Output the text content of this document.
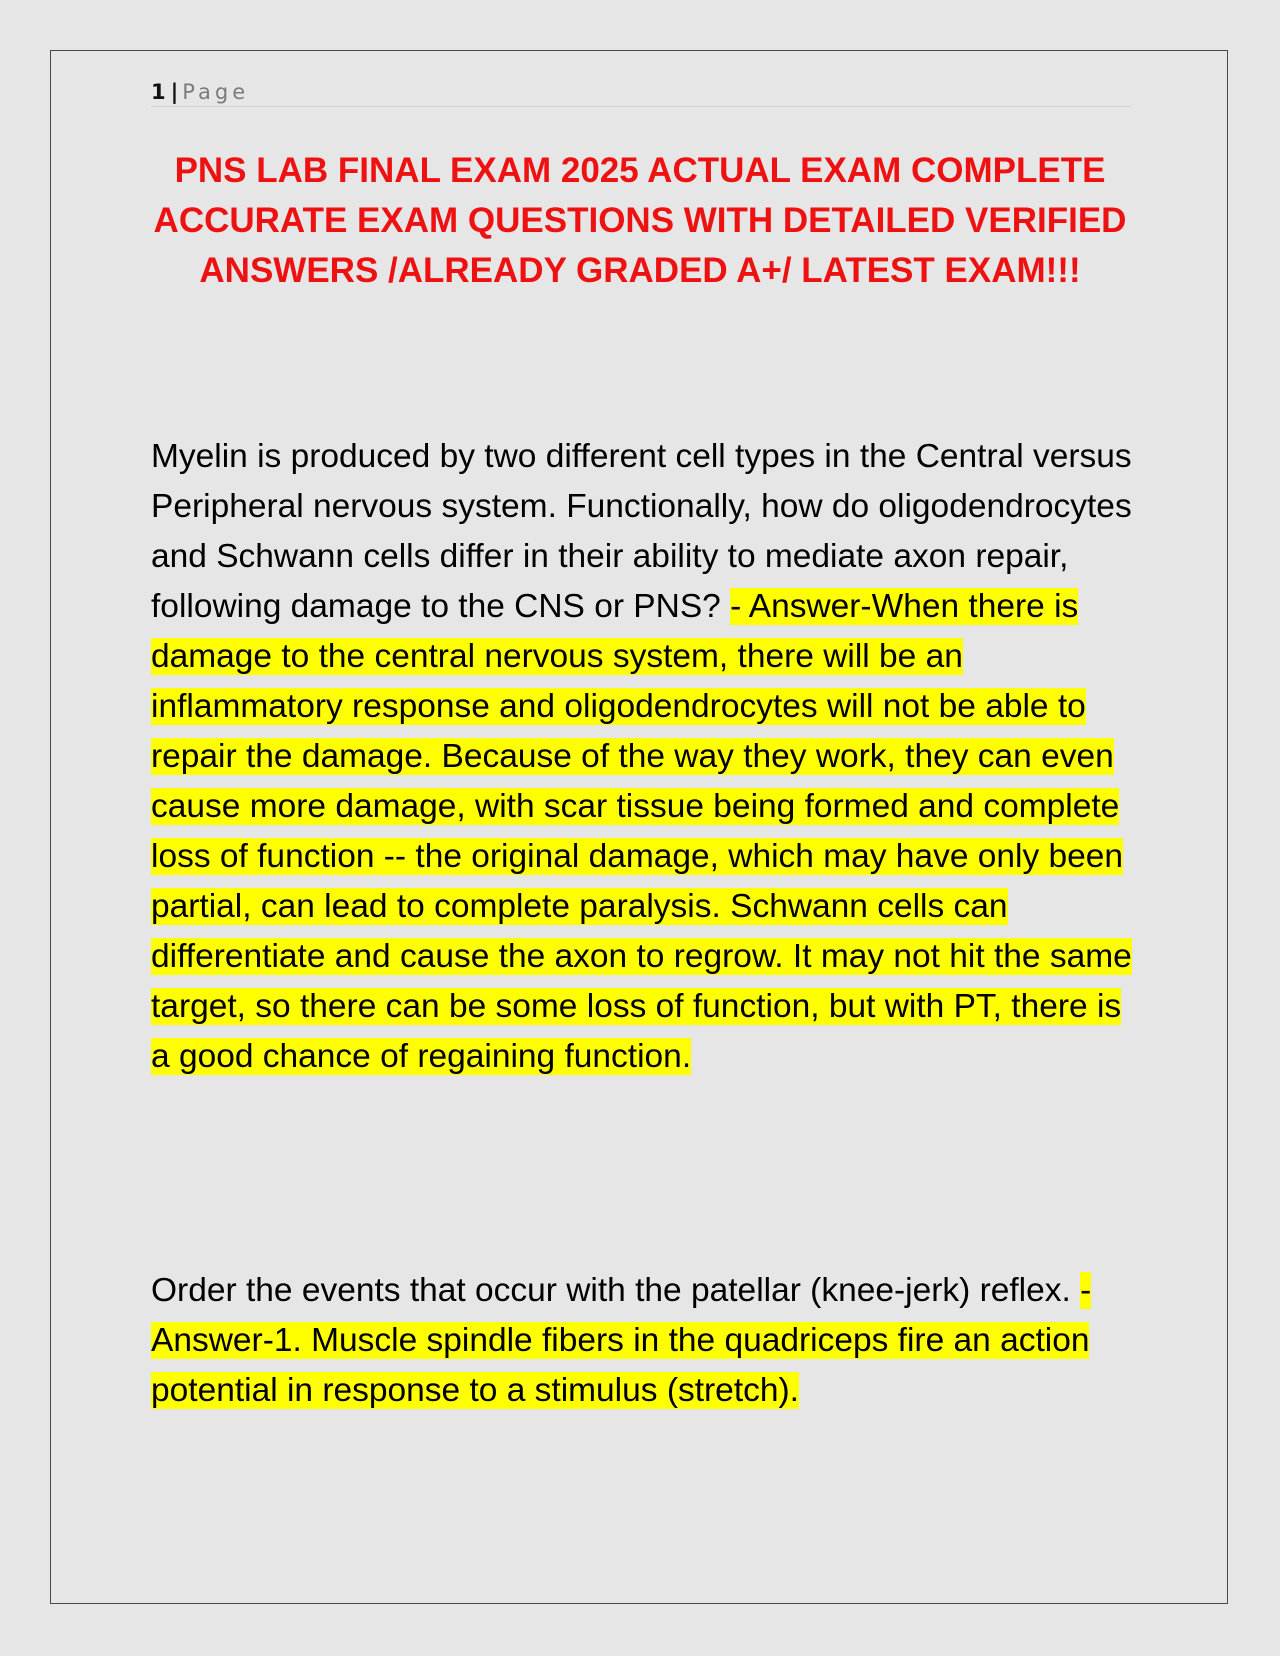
1 | Page
PNS LAB FINAL EXAM 2025 ACTUAL EXAM COMPLETE ACCURATE EXAM QUESTIONS WITH DETAILED VERIFIED ANSWERS /ALREADY GRADED A+/ LATEST EXAM!!!

Myelin is produced by two different cell types in the Central versus Peripheral nervous system. Functionally, how do oligodendrocytes and Schwann cells differ in their ability to mediate axon repair, following damage to the CNS or PNS? - Answer-When there is damage to the central nervous system, there will be an inflammatory response and oligodendrocytes will not be able to repair the damage. Because of the way they work, they can even cause more damage, with scar tissue being formed and complete loss of function -- the original damage, which may have only been partial, can lead to complete paralysis. Schwann cells can differentiate and cause the axon to regrow. It may not hit the same target, so there can be some loss of function, but with PT, there is a good chance of regaining function.

Order the events that occur with the patellar (knee-jerk) reflex. - Answer-1. Muscle spindle fibers in the quadriceps fire an action potential in response to a stimulus (stretch).
